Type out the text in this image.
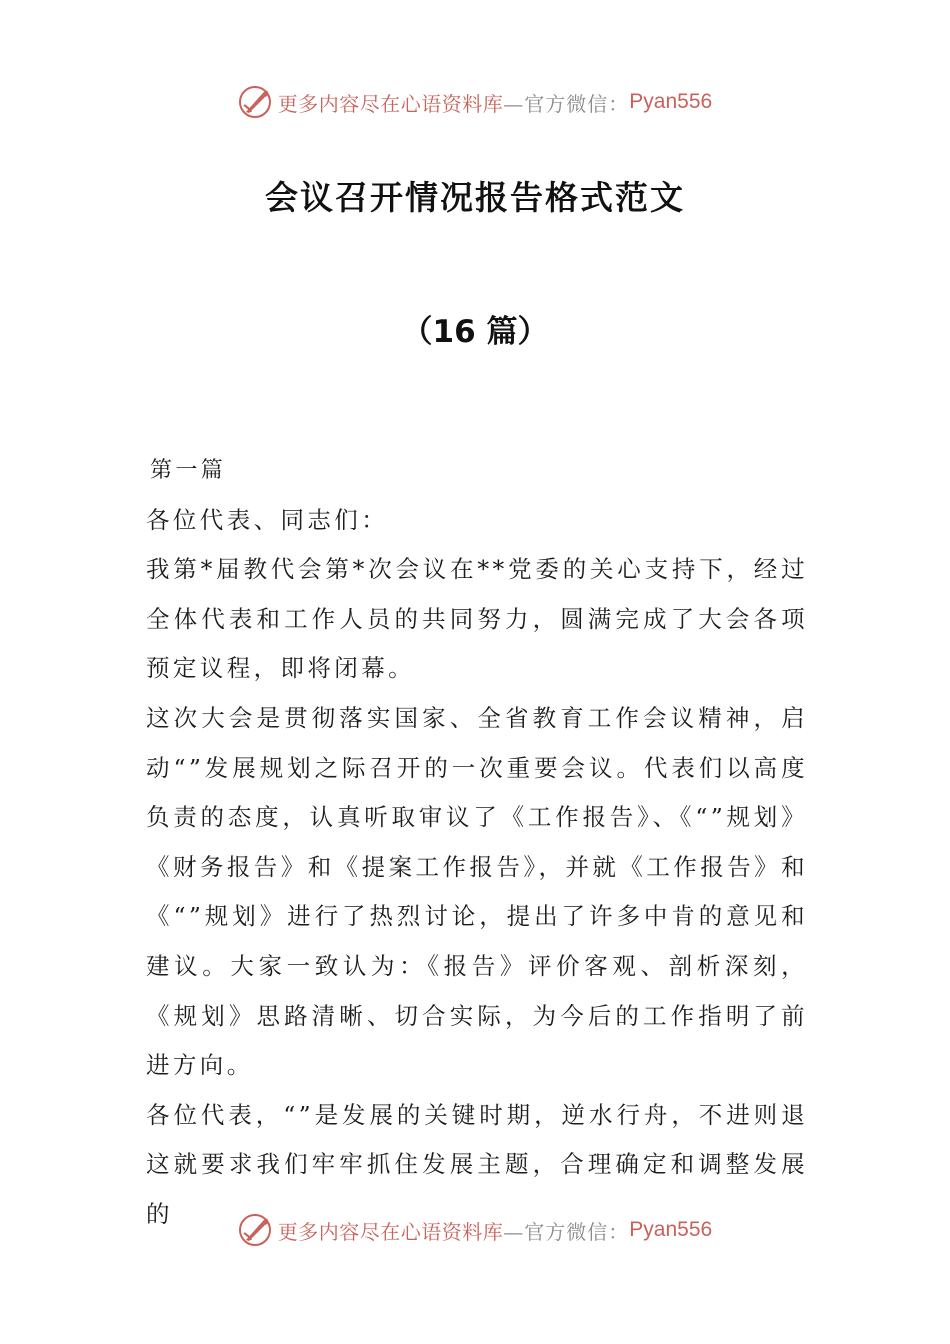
更多内容尽在心语资料库 —官方微信： Pyan556
会议召开情况报告格式范文
（16 篇）

第一篇

各位代表、同志们：

我第*届教代会第*次会议在**党委的关心支持下，经过全体代表和工作人员的共同努力，圆满完成了大会各项预定议程，即将闭幕。

这次大会是贯彻落实国家、全省教育工作会议精神，启动“”发展规划之际召开的一次重要会议。代表们以高度负责的态度，认真听取审议了《工作报告》、《“”规划》《财务报告》和《提案工作报告》，并就《工作报告》和《“”规划》进行了热烈讨论，提出了许多中肯的意见和建议。大家一致认为：《报告》评价客观、剖析深刻，《规划》思路清晰、切合实际，为今后的工作指明了前进方向。

各位代表，“”是发展的关键时期，逆水行舟，不进则退这就要求我们牢牢抓住发展主题，合理确定和调整发展的

更多内容尽在心语资料库 —官方微信： Pyan556
